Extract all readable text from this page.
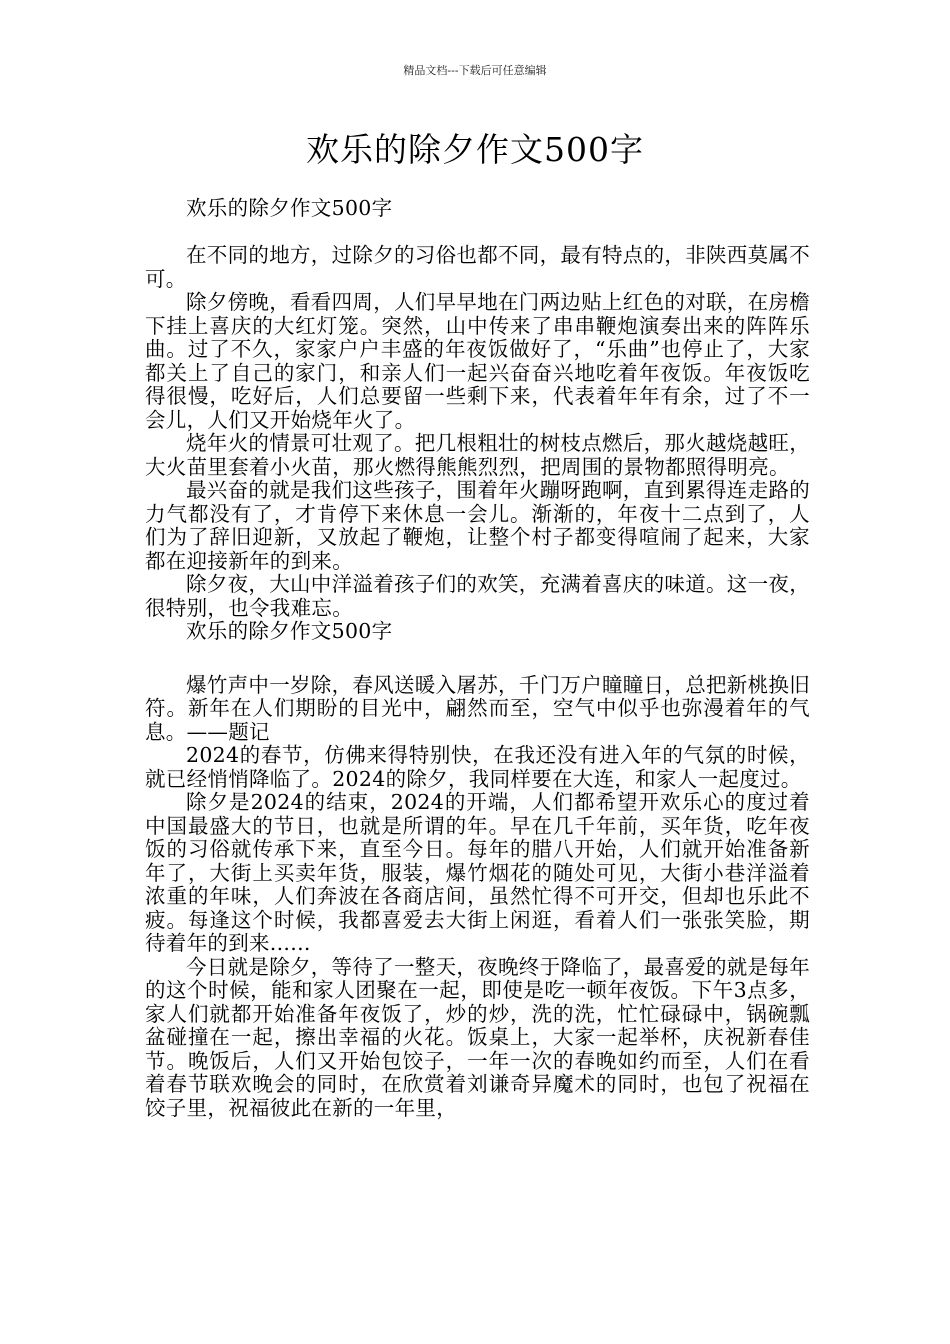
精品文档---下载后可任意编辑
欢乐的除夕作文500字

欢乐的除夕作文500字

在不同的地方，过除夕的习俗也都不同，最有特点的，非陕西莫属不可。

除夕傍晚，看看四周，人们早早地在门两边贴上红色的对联，在房檐下挂上喜庆的大红灯笼。突然，山中传来了串串鞭炮演奏出来的阵阵乐曲。过了不久，家家户户丰盛的年夜饭做好了，“乐曲”也停止了，大家都关上了自己的家门，和亲人们一起兴奋奋兴地吃着年夜饭。年夜饭吃得很慢，吃好后，人们总要留一些剩下来，代表着年年有余，过了不一会儿，人们又开始烧年火了。

烧年火的情景可壮观了。把几根粗壮的树枝点燃后，那火越烧越旺，大火苗里套着小火苗，那火燃得熊熊烈烈，把周围的景物都照得明亮。

最兴奋的就是我们这些孩子，围着年火蹦呀跑啊，直到累得连走路的力气都没有了，才肯停下来休息一会儿。渐渐的，年夜十二点到了，人们为了辞旧迎新，又放起了鞭炮，让整个村子都变得喧闹了起来，大家都在迎接新年的到来。

除夕夜，大山中洋溢着孩子们的欢笑，充满着喜庆的味道。这一夜，很特别，也令我难忘。

欢乐的除夕作文500字

爆竹声中一岁除，春风送暖入屠苏，千门万户瞳瞳日，总把新桃换旧符。新年在人们期盼的目光中，翩然而至，空气中似乎也弥漫着年的气息。——题记

2024的春节，仿佛来得特别快，在我还没有进入年的气氛的时候，就已经悄悄降临了。2024的除夕，我同样要在大连，和家人一起度过。

除夕是2024的结束，2024的开端，人们都希望开欢乐心的度过着中国最盛大的节日，也就是所谓的年。早在几千年前，买年货，吃年夜饭的习俗就传承下来，直至今日。每年的腊八开始，人们就开始准备新年了，大街上买卖年货，服装，爆竹烟花的随处可见，大街小巷洋溢着浓重的年味，人们奔波在各商店间，虽然忙得不可开交，但却也乐此不疲。每逢这个时候，我都喜爱去大街上闲逛，看着人们一张张笑脸，期待着年的到来......

今日就是除夕，等待了一整天，夜晚终于降临了，最喜爱的就是每年的这个时候，能和家人团聚在一起，即使是吃一顿年夜饭。下午3点多，家人们就都开始准备年夜饭了，炒的炒，洗的洗，忙忙碌碌中，锅碗瓢盆碰撞在一起，擦出幸福的火花。饭桌上，大家一起举杯，庆祝新春佳节。晚饭后，人们又开始包饺子，一年一次的春晚如约而至，人们在看着春节联欢晚会的同时，在欣赏着刘谦奇异魔术的同时，也包了祝福在饺子里，祝福彼此在新的一年里，
